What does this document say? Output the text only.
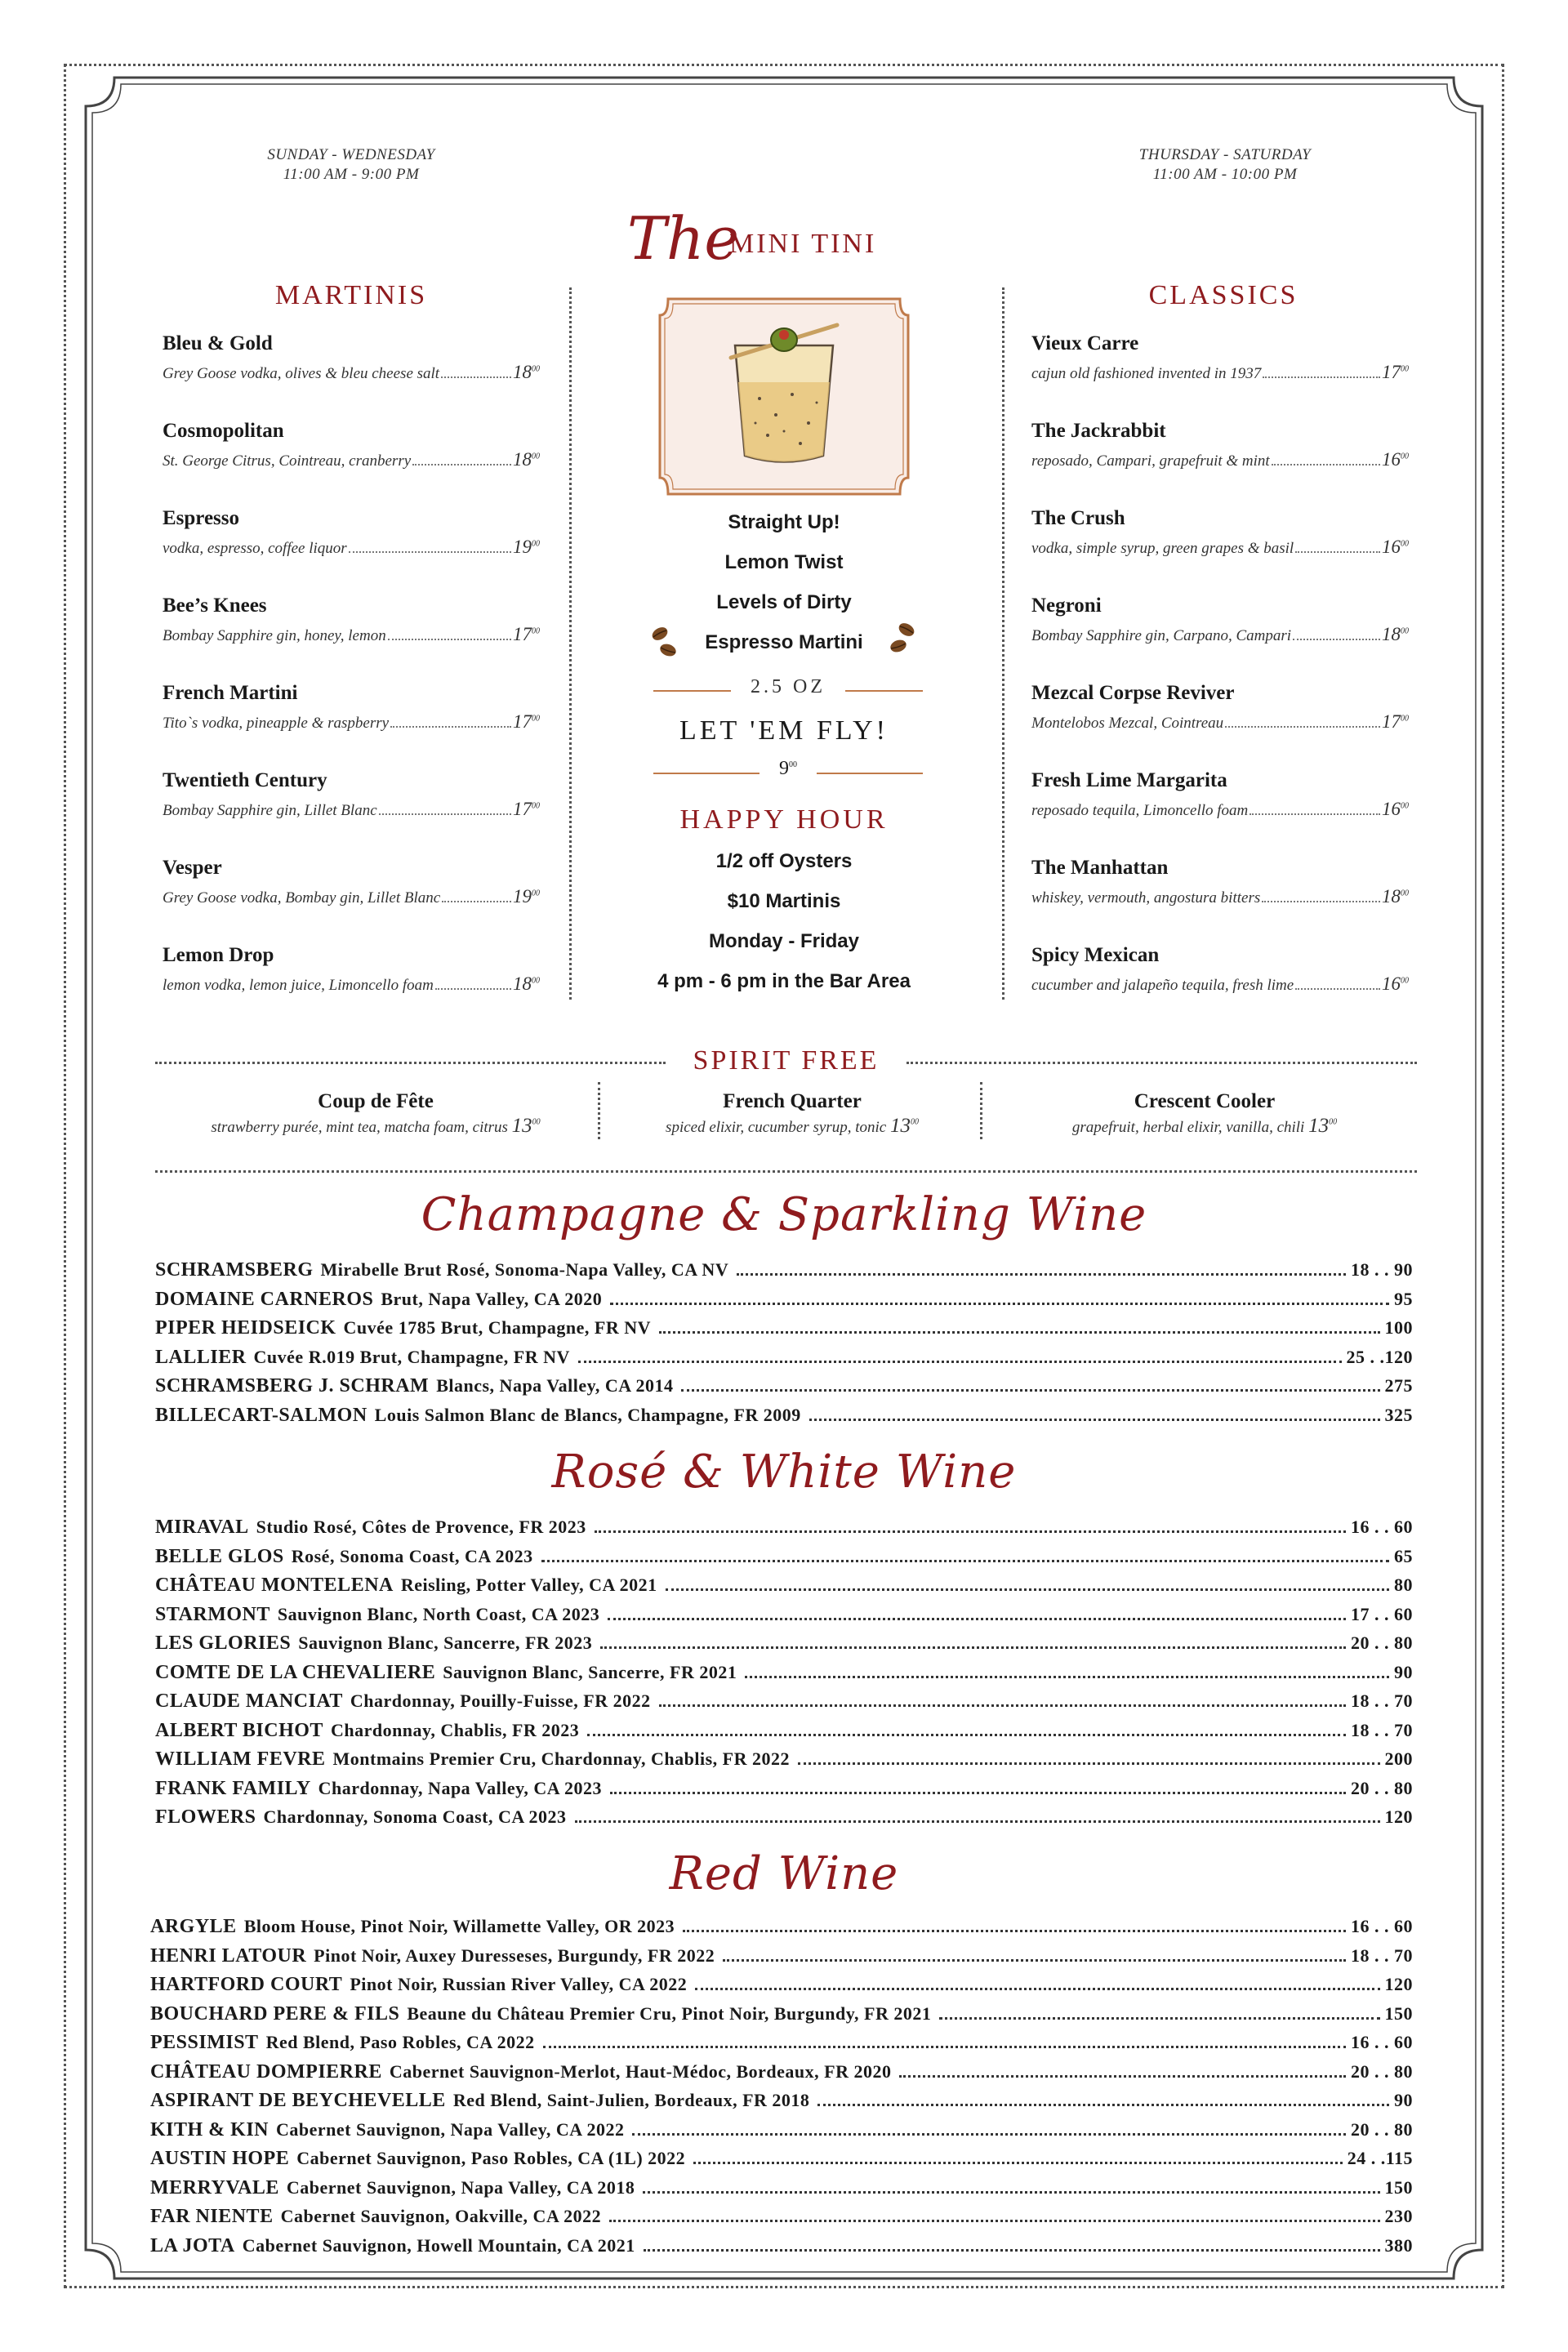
SUNDAY - WEDNESDAY
11:00 AM - 9:00 PM
THURSDAY - SATURDAY
11:00 AM - 10:00 PM
The
MINI TINI
MARTINIS	CLASSICS
Bleu & Gold
Grey Goose vodka, olives & bleu cheese salt	$18^{00}$
Cosmopolitan
St. George Citrus, Cointreau, cranberry	$18^{00}$
Espresso
vodka, espresso, coffee liquor	$19^{00}$
Bee’s Knees
Bombay Sapphire gin, honey, lemon	$17^{00}$
French Martini
Tito`s vodka, pineapple & raspberry	$17^{00}$
Twentieth Century
Bombay Sapphire gin, Lillet Blanc	$17^{00}$
Vesper
Grey Goose vodka, Bombay gin, Lillet Blanc	$19^{00}$
Lemon Drop
lemon vodka, lemon juice, Limoncello foam	$18^{00}$
Vieux Carre
cajun old fashioned invented in 1937	$17^{00}$
The Jackrabbit
reposado, Campari, grapefruit & mint	$16^{00}$
The Crush
vodka, simple syrup, green grapes & basil	$16^{00}$
Negroni
Bombay Sapphire gin, Carpano, Campari	$18^{00}$
Mezcal Corpse Reviver
Montelobos Mezcal, Cointreau	$17^{00}$
Fresh Lime Margarita
reposado tequila, Limoncello foam	$16^{00}$
The Manhattan
whiskey, vermouth, angostura bitters	$18^{00}$
Spicy Mexican
cucumber and jalapeño tequila, fresh lime	$16^{00}$
Straight Up!
Lemon Twist
Levels of Dirty
Espresso Martini
2.5 OZ
LET 'EM FLY!
$9^{00}$
HAPPY HOUR
1/2 off Oysters
$10 Martinis
Monday - Friday
4 pm - 6 pm in the Bar Area
SPIRIT FREE
Coup de Fête
strawberry purée, mint tea, matcha foam, citrus $13^{00}$
French Quarter
spiced elixir, cucumber syrup, tonic $13^{00}$
Crescent Cooler
grapefruit, herbal elixir, vanilla, chili $13^{00}$
Champagne & Sparkling Wine
SCHRAMSBERG Mirabelle Brut Rosé, Sonoma-Napa Valley, CA NV	18 . . 90
DOMAINE CARNEROS Brut, Napa Valley, CA 2020	95
PIPER HEIDSEICK Cuvée 1785 Brut, Champagne, FR NV	100
LALLIER Cuvée R.019 Brut, Champagne, FR NV	25 . .120
SCHRAMSBERG J. SCHRAM Blancs, Napa Valley, CA 2014	275
BILLECART-SALMON Louis Salmon Blanc de Blancs, Champagne, FR 2009	325
Rosé & White Wine
MIRAVAL Studio Rosé, Côtes de Provence, FR 2023	16 . . 60
BELLE GLOS Rosé, Sonoma Coast, CA 2023	65
CHÂTEAU MONTELENA Reisling, Potter Valley, CA 2021	80
STARMONT Sauvignon Blanc, North Coast, CA 2023	17 . . 60
LES GLORIES Sauvignon Blanc, Sancerre, FR 2023	20 . . 80
COMTE DE LA CHEVALIERE Sauvignon Blanc, Sancerre, FR 2021	90
CLAUDE MANCIAT Chardonnay, Pouilly-Fuisse, FR 2022	18 . . 70
ALBERT BICHOT Chardonnay, Chablis, FR 2023	18 . . 70
WILLIAM FEVRE Montmains Premier Cru, Chardonnay, Chablis, FR 2022	200
FRANK FAMILY Chardonnay, Napa Valley, CA 2023	20 . . 80
FLOWERS Chardonnay, Sonoma Coast, CA 2023	120
Red Wine
ARGYLE Bloom House, Pinot Noir, Willamette Valley, OR 2023	16 . . 60
HENRI LATOUR Pinot Noir, Auxey Duresseses, Burgundy, FR 2022	18 . . 70
HARTFORD COURT Pinot Noir, Russian River Valley, CA 2022	120
BOUCHARD PERE & FILS Beaune du Château Premier Cru, Pinot Noir, Burgundy, FR 2021	150
PESSIMIST Red Blend, Paso Robles, CA 2022	16 . . 60
CHÂTEAU DOMPIERRE Cabernet Sauvignon-Merlot, Haut-Médoc, Bordeaux, FR 2020	20 . . 80
ASPIRANT DE BEYCHEVELLE Red Blend, Saint-Julien, Bordeaux, FR 2018	90
KITH & KIN Cabernet Sauvignon, Napa Valley, CA 2022	20 . . 80
AUSTIN HOPE Cabernet Sauvignon, Paso Robles, CA (1L) 2022	24 . .115
MERRYVALE Cabernet Sauvignon, Napa Valley, CA 2018	150
FAR NIENTE Cabernet Sauvignon, Oakville, CA 2022	230
LA JOTA Cabernet Sauvignon, Howell Mountain, CA 2021	380
